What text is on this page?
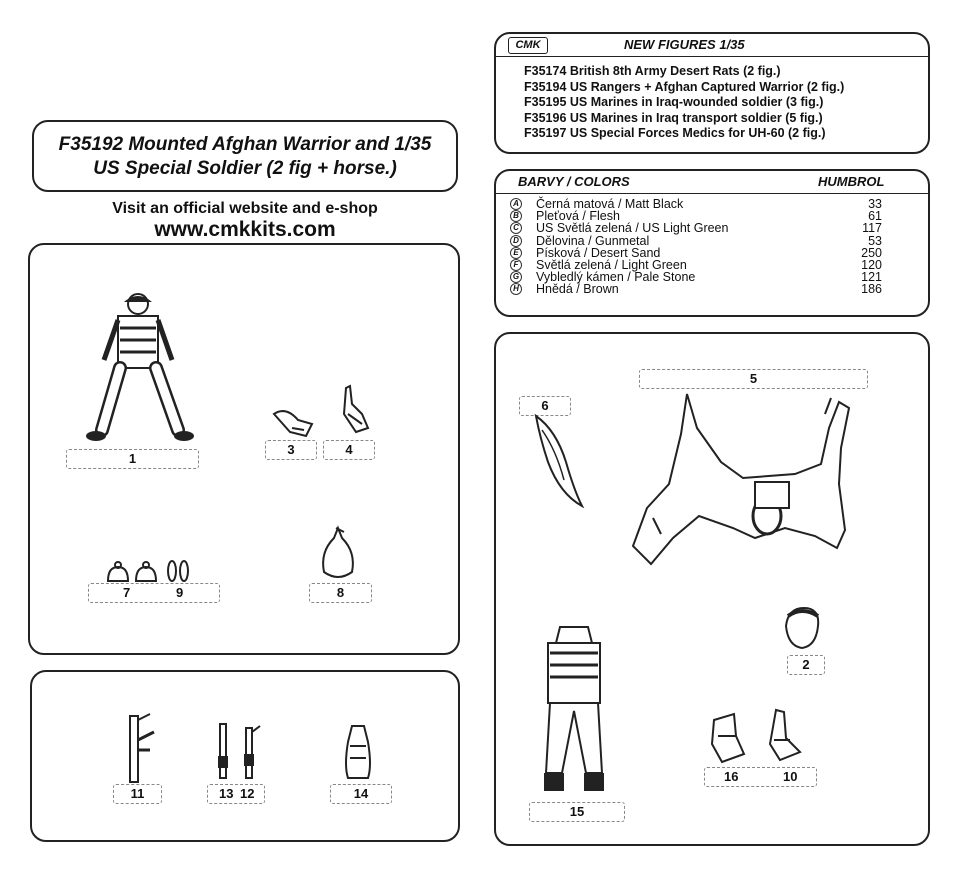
F35192 Mounted Afghan Warrior and 1/35
US Special Soldier (2 fig + horse.)
Visit an official website and e-shop
www.cmkkits.com
CMK	NEW FIGURES 1/35
F35174 British 8th Army Desert Rats (2 fig.)
F35194 US Rangers + Afghan Captured Warrior (2 fig.)
F35195 US Marines in Iraq-wounded soldier (3 fig.)
F35196 US Marines in Iraq transport soldier (5 fig.)
F35197 US Special Forces Medics for UH-60 (2 fig.)
BARVY / COLORS	HUMBROL
A Černá matová / Matt Black	33
B Pleťová / Flesh	61
C US Světlá zelená / US Light Green	117
D Dělovina / Gunmetal	53
E Písková / Desert Sand	250
F Světlá zelená / Light Green	120
G Vybledlý kámen / Pale Stone	121
H Hnědá / Brown	186
1
3	4
7	9	8
11	13 12	14
5
6
15
2
16	10
